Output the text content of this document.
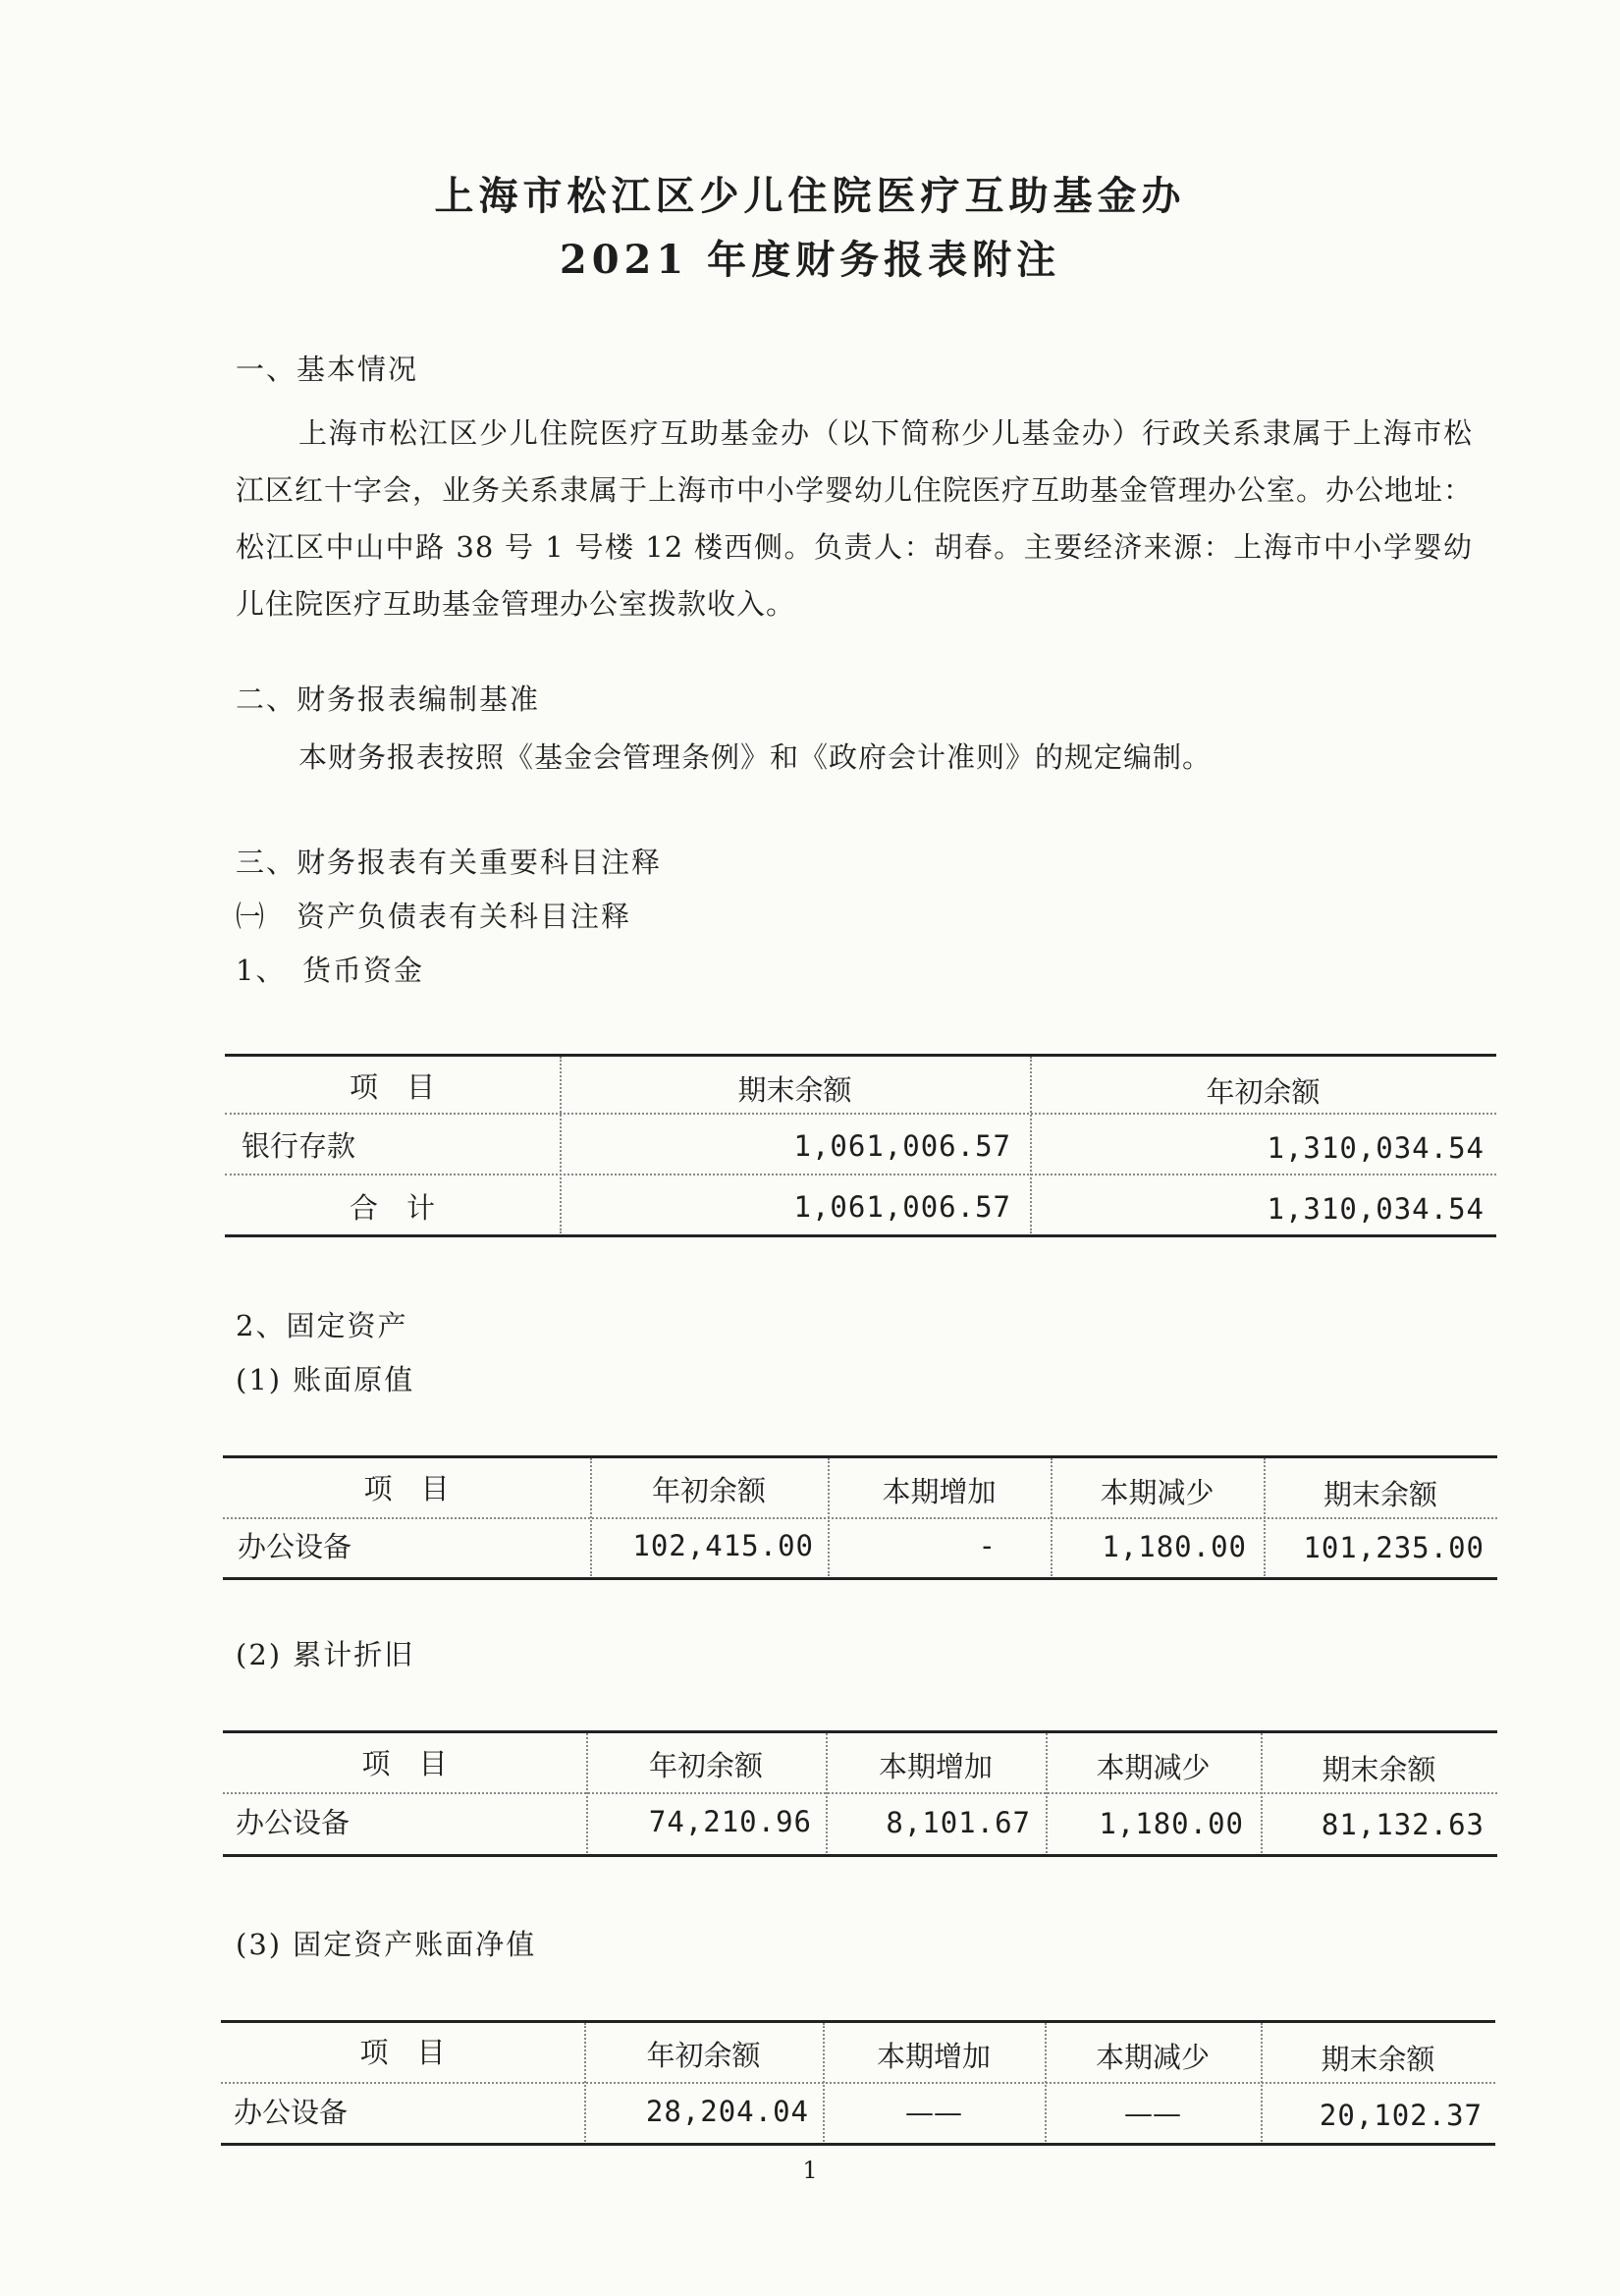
上海市松江区少儿住院医疗互助基金办
2021 年度财务报表附注

一、基本情况

上海市松江区少儿住院医疗互助基金办（以下简称少儿基金办）行政关系隶属于上海市松江区红十字会，业务关系隶属于上海市中小学婴幼儿住院医疗互助基金管理办公室。办公地址：松江区中山中路 38 号 1 号楼 12 楼西侧。负责人：胡春。主要经济来源：上海市中小学婴幼儿住院医疗互助基金管理办公室拨款收入。

二、财务报表编制基准

本财务报表按照《基金会管理条例》和《政府会计准则》的规定编制。

三、财务报表有关重要科目注释

㈠　资产负债表有关科目注释

1、　货币资金

项　目	期末余额	年初余额
银行存款	1,061,006.57	1,310,034.54
合　计	1,061,006.57	1,310,034.54

2、固定资产

(1) 账面原值

项　目	年初余额	本期增加	本期减少	期末余额
办公设备	102,415.00	-	1,180.00	101,235.00

(2) 累计折旧

项　目	年初余额	本期增加	本期减少	期末余额
办公设备	74,210.96	8,101.67	1,180.00	81,132.63

(3) 固定资产账面净值

项　目	年初余额	本期增加	本期减少	期末余额
办公设备	28,204.04	——	——	20,102.37
1
